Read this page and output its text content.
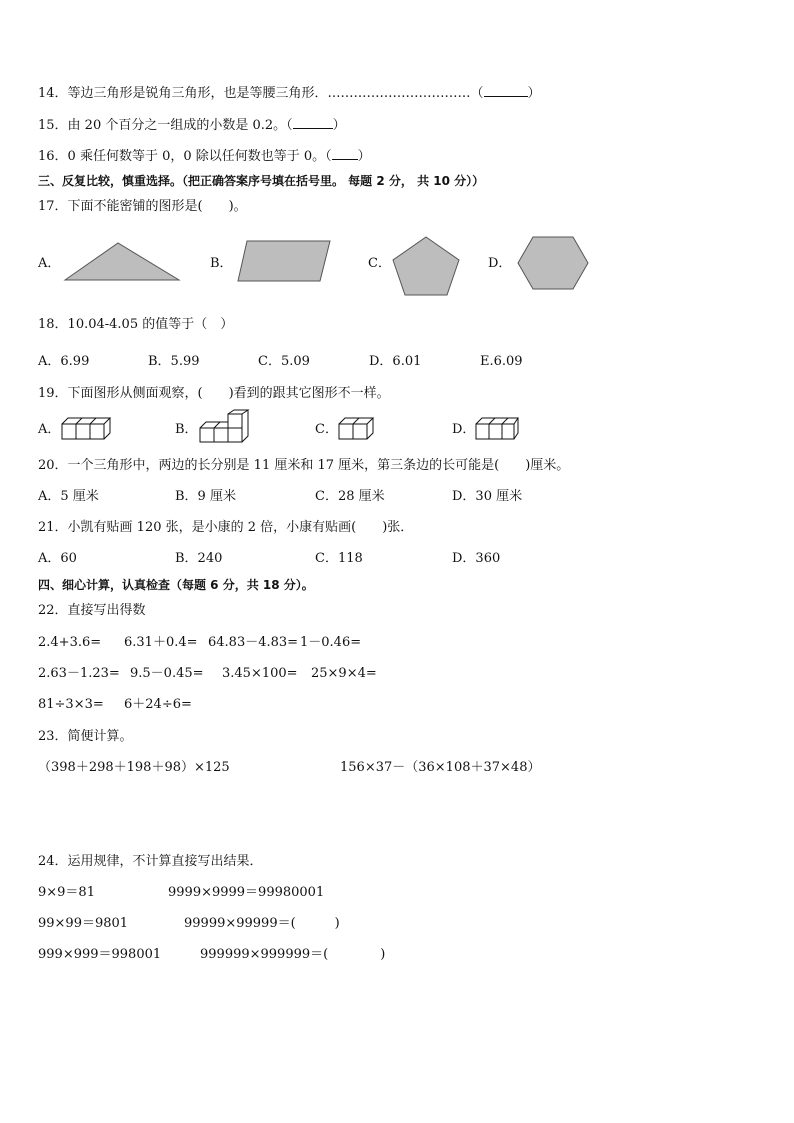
14．等边三角形是锐角三角形，也是等腰三角形．……………………………（	）
15．由 20 个百分之一组成的小数是 0.2。（	）
16．0 乘任何数等于 0，0 除以任何数也等于 0。（ ）
三、反复比较，慎重选择。（把正确答案序号填在括号里。 每题 2 分， 共 10 分））
17．下面不能密铺的图形是(　　)。
A．	B．	C．	D．
18．10.04-4.05 的值等于（　）
A．6.99	B．5.99	C．5.09	D．6.01	E.6.09
19．下面图形从侧面观察，(　　)看到的跟其它图形不一样。
A．	B．	C．	D．
20．一个三角形中，两边的长分别是 11 厘米和 17 厘米，第三条边的长可能是(　　)厘米。
A．5 厘米	B．9 厘米	C．28 厘米	D．30 厘米
21．小凯有贴画 120 张，是小康的 2 倍，小康有贴画(　　)张．
A．60	B．240	C．118	D．360
四、细心计算，认真检查（每题 6 分，共 18 分）。
22．直接写出得数
2.4+3.6= 6.31＋0.4= 64.83－4.83= 1－0.46=
2.63－1.23= 9.5－0.45= 3.45×100= 25×9×4=
81÷3×3= 6＋24÷6=
23．简便计算。
（398＋298＋198＋98）×125	156×37－（36×108＋37×48）
24．运用规律，不计算直接写出结果．
9×9＝81	9999×9999＝99980001
99×99＝9801	99999×99999＝(　　　)
999×999＝998001	999999×999999＝(　　　　)
